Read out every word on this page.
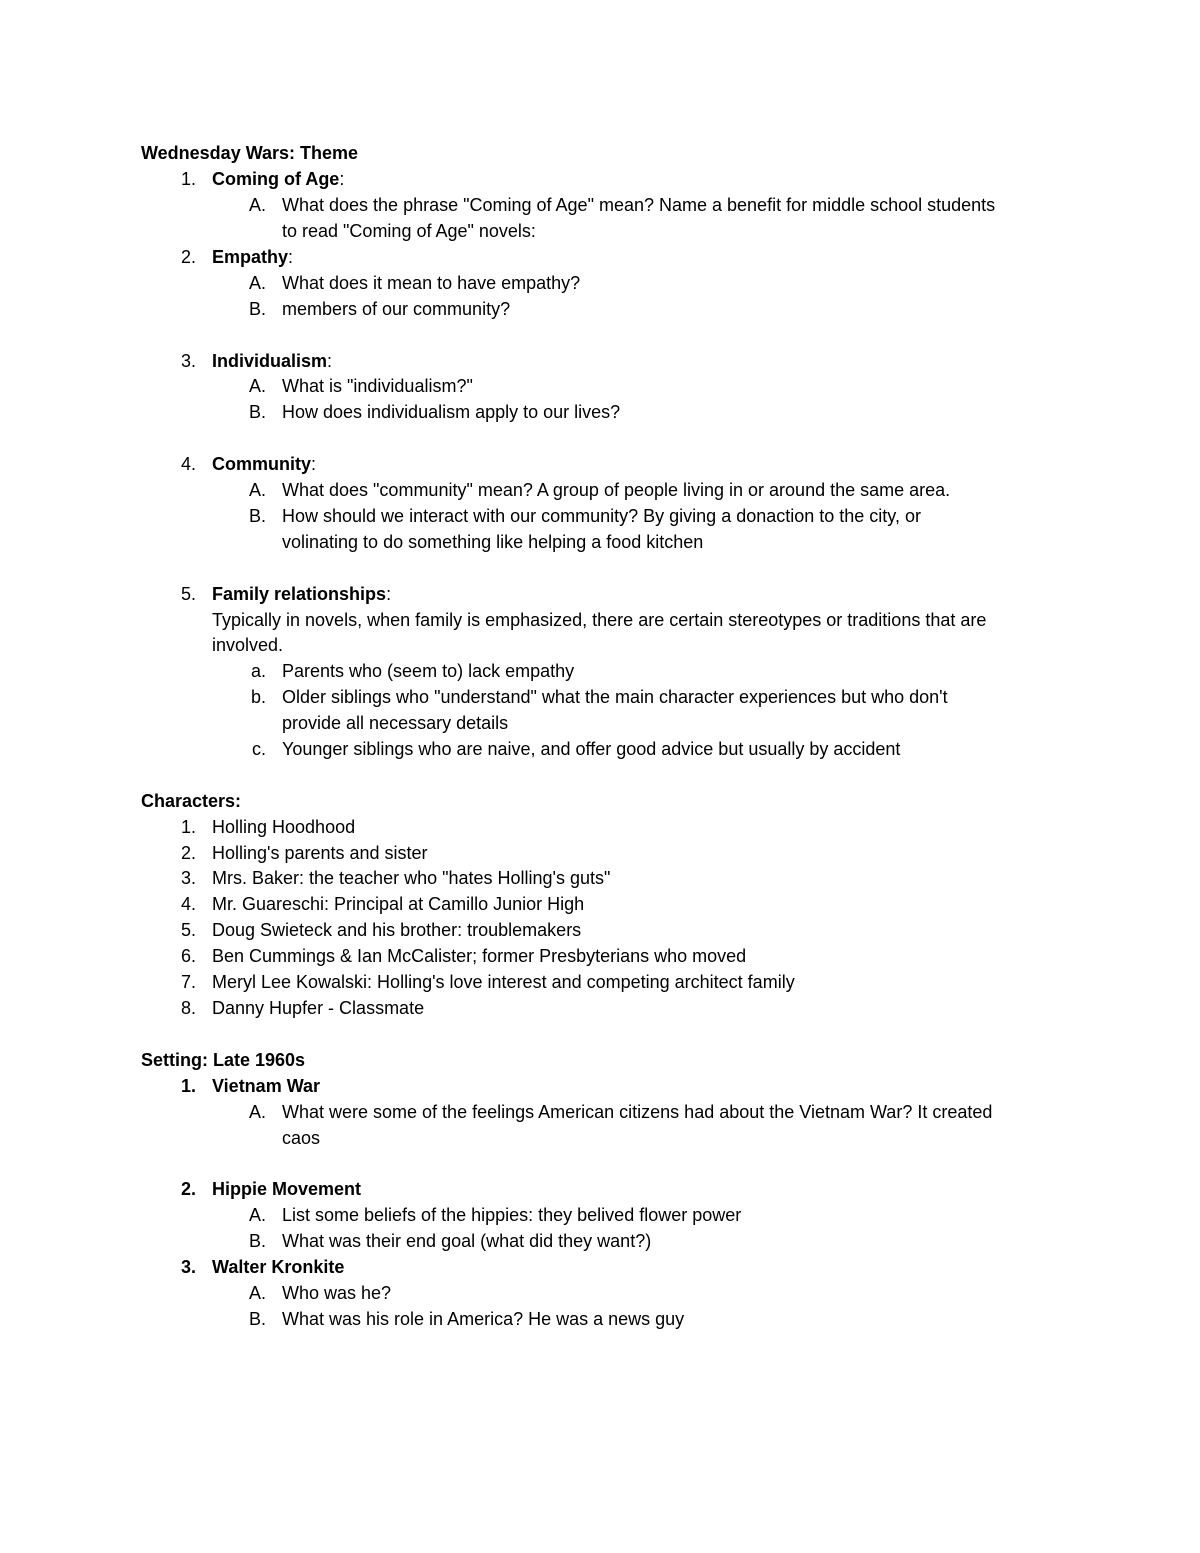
Wednesday Wars: Theme
1. Coming of Age:
A. What does the phrase "Coming of Age" mean? Name a benefit for middle school students
to read "Coming of Age" novels:
2. Empathy:
A. What does it mean to have empathy?
B. members of our community?
3. Individualism:
A. What is "individualism?"
B. How does individualism apply to our lives?
4. Community:
A. What does "community" mean? A group of people living in or around the same area.
B. How should we interact with our community? By giving a donaction to the city, or
volinating to do something like helping a food kitchen
5. Family relationships:
Typically in novels, when family is emphasized, there are certain stereotypes or traditions that are
involved.
a. Parents who (seem to) lack empathy
b. Older siblings who "understand" what the main character experiences but who don't
provide all necessary details
c. Younger siblings who are naive, and offer good advice but usually by accident
Characters:
1. Holling Hoodhood
2. Holling's parents and sister
3. Mrs. Baker: the teacher who "hates Holling's guts"
4. Mr. Guareschi: Principal at Camillo Junior High
5. Doug Swieteck and his brother: troublemakers
6. Ben Cummings & Ian McCalister; former Presbyterians who moved
7. Meryl Lee Kowalski: Holling's love interest and competing architect family
8. Danny Hupfer - Classmate
Setting: Late 1960s
1. Vietnam War
A. What were some of the feelings American citizens had about the Vietnam War? It created
caos
2. Hippie Movement
A. List some beliefs of the hippies: they belived flower power
B. What was their end goal (what did they want?)
3. Walter Kronkite
A. Who was he?
B. What was his role in America? He was a news guy
